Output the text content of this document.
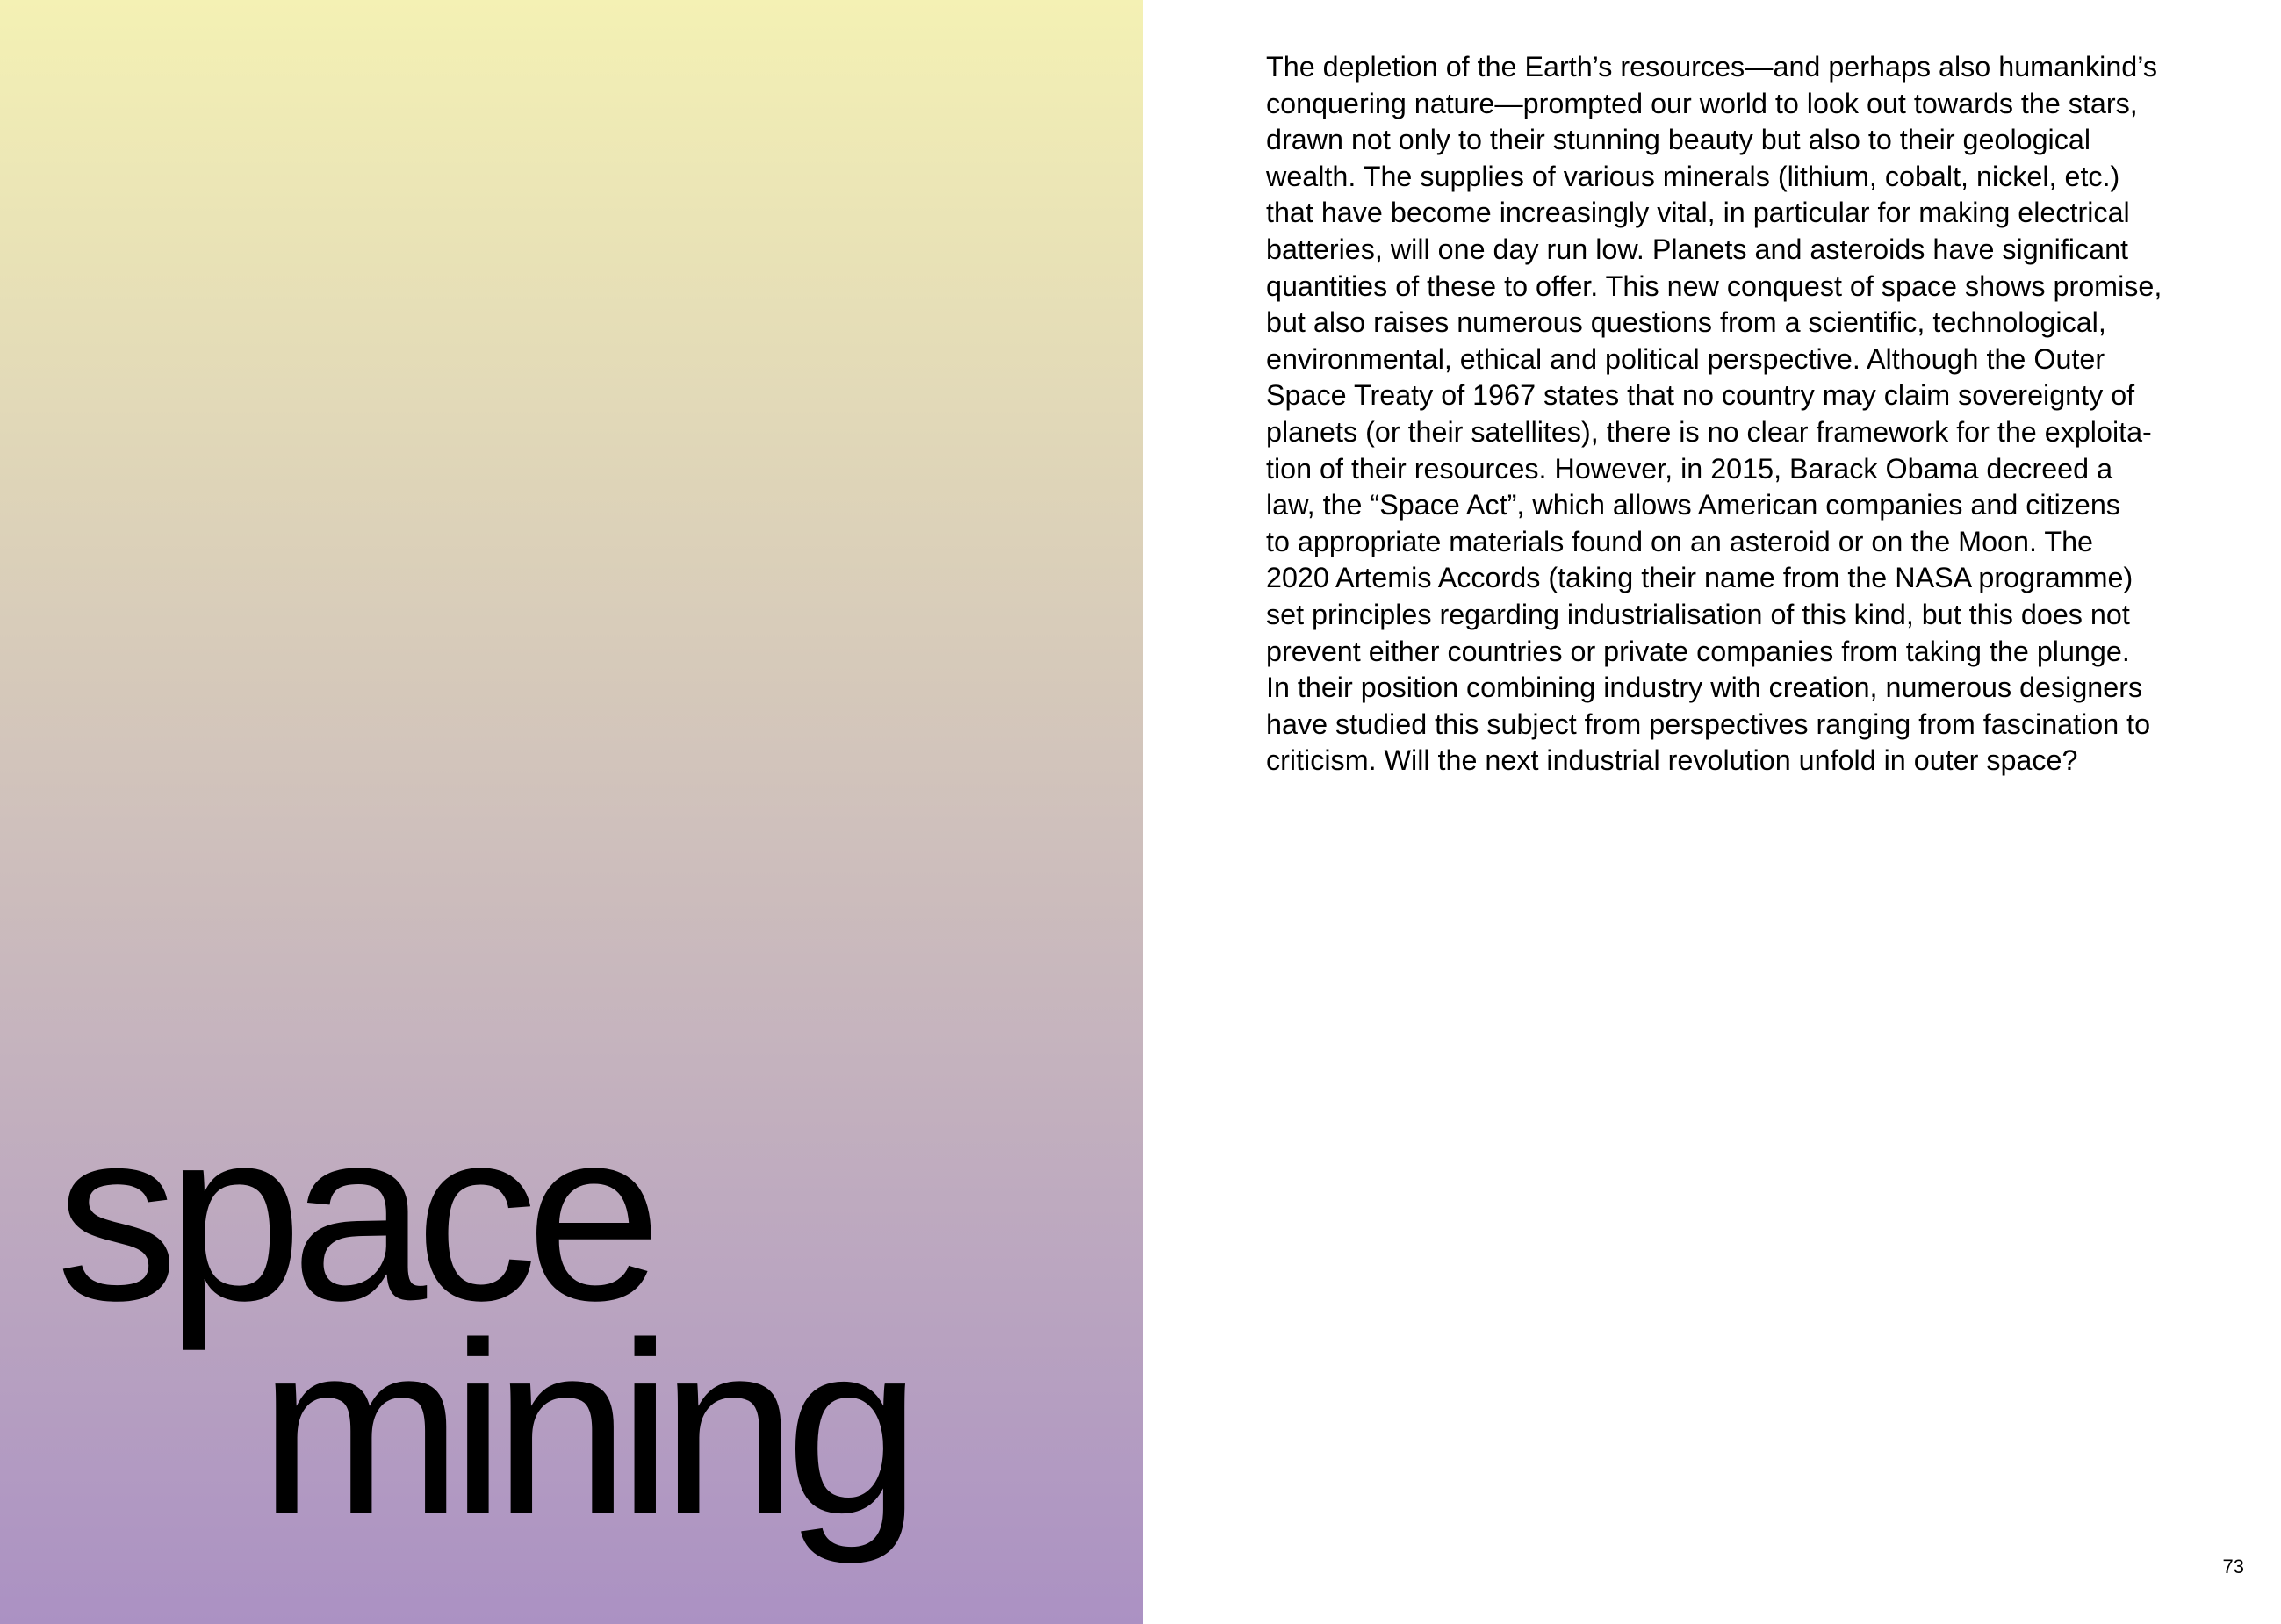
space
mining

The depletion of the Earth’s resources—and perhaps also humankind’s
conquering nature—prompted our world to look out towards the stars,
drawn not only to their stunning beauty but also to their geological
wealth. The supplies of various minerals (lithium, cobalt, nickel, etc.)
that have become increasingly vital, in particular for making electrical
batteries, will one day run low. Planets and asteroids have significant
quantities of these to offer. This new conquest of space shows promise,
but also raises numerous questions from a scientific, technological,
environmental, ethical and political perspective. Although the Outer
Space Treaty of 1967 states that no country may claim sovereignty of
planets (or their satellites), there is no clear framework for the exploita-
tion of their resources. However, in 2015, Barack Obama decreed a
law, the “Space Act”, which allows American companies and citizens
to appropriate materials found on an asteroid or on the Moon. The
2020 Artemis Accords (taking their name from the NASA programme)
set principles regarding industrialisation of this kind, but this does not
prevent either countries or private companies from taking the plunge.
In their position combining industry with creation, numerous designers
have studied this subject from perspectives ranging from fascination to
criticism. Will the next industrial revolution unfold in outer space?

73
